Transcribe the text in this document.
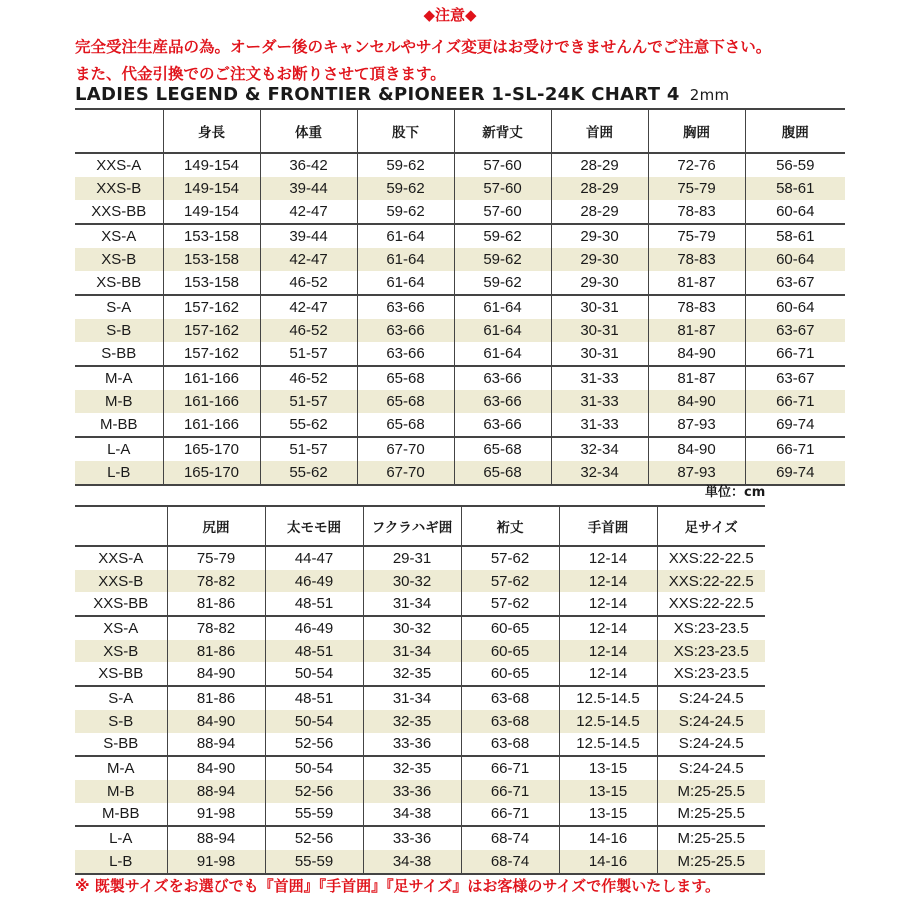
◆注意◆
完全受注生産品の為。オーダー後のキャンセルやサイズ変更はお受けできませんんでご注意下さい。
また、代金引換でのご注文もお断りさせて頂きます。
LADIES LEGEND & FRONTIER &PIONEER 1-SL-24K CHART 4 2mm
	身長	体重	股下	新背丈	首囲	胸囲	腹囲
XXS-A	149-154	36-42	59-62	57-60	28-29	72-76	56-59
XXS-B	149-154	39-44	59-62	57-60	28-29	75-79	58-61
XXS-BB	149-154	42-47	59-62	57-60	28-29	78-83	60-64
XS-A	153-158	39-44	61-64	59-62	29-30	75-79	58-61
XS-B	153-158	42-47	61-64	59-62	29-30	78-83	60-64
XS-BB	153-158	46-52	61-64	59-62	29-30	81-87	63-67
S-A	157-162	42-47	63-66	61-64	30-31	78-83	60-64
S-B	157-162	46-52	63-66	61-64	30-31	81-87	63-67
S-BB	157-162	51-57	63-66	61-64	30-31	84-90	66-71
M-A	161-166	46-52	65-68	63-66	31-33	81-87	63-67
M-B	161-166	51-57	65-68	63-66	31-33	84-90	66-71
M-BB	161-166	55-62	65-68	63-66	31-33	87-93	69-74
L-A	165-170	51-57	67-70	65-68	32-34	84-90	66-71
L-B	165-170	55-62	67-70	65-68	32-34	87-93	69-74
単位：cm
	尻囲	太モモ囲	フクラハギ囲	裄丈	手首囲	足サイズ
XXS-A	75-79	44-47	29-31	57-62	12-14	XXS:22-22.5
XXS-B	78-82	46-49	30-32	57-62	12-14	XXS:22-22.5
XXS-BB	81-86	48-51	31-34	57-62	12-14	XXS:22-22.5
XS-A	78-82	46-49	30-32	60-65	12-14	XS:23-23.5
XS-B	81-86	48-51	31-34	60-65	12-14	XS:23-23.5
XS-BB	84-90	50-54	32-35	60-65	12-14	XS:23-23.5
S-A	81-86	48-51	31-34	63-68	12.5-14.5	S:24-24.5
S-B	84-90	50-54	32-35	63-68	12.5-14.5	S:24-24.5
S-BB	88-94	52-56	33-36	63-68	12.5-14.5	S:24-24.5
M-A	84-90	50-54	32-35	66-71	13-15	S:24-24.5
M-B	88-94	52-56	33-36	66-71	13-15	M:25-25.5
M-BB	91-98	55-59	34-38	66-71	13-15	M:25-25.5
L-A	88-94	52-56	33-36	68-74	14-16	M:25-25.5
L-B	91-98	55-59	34-38	68-74	14-16	M:25-25.5
※ 既製サイズをお選びでも『首囲』『手首囲』『足サイズ』はお客様のサイズで作製いたします。
